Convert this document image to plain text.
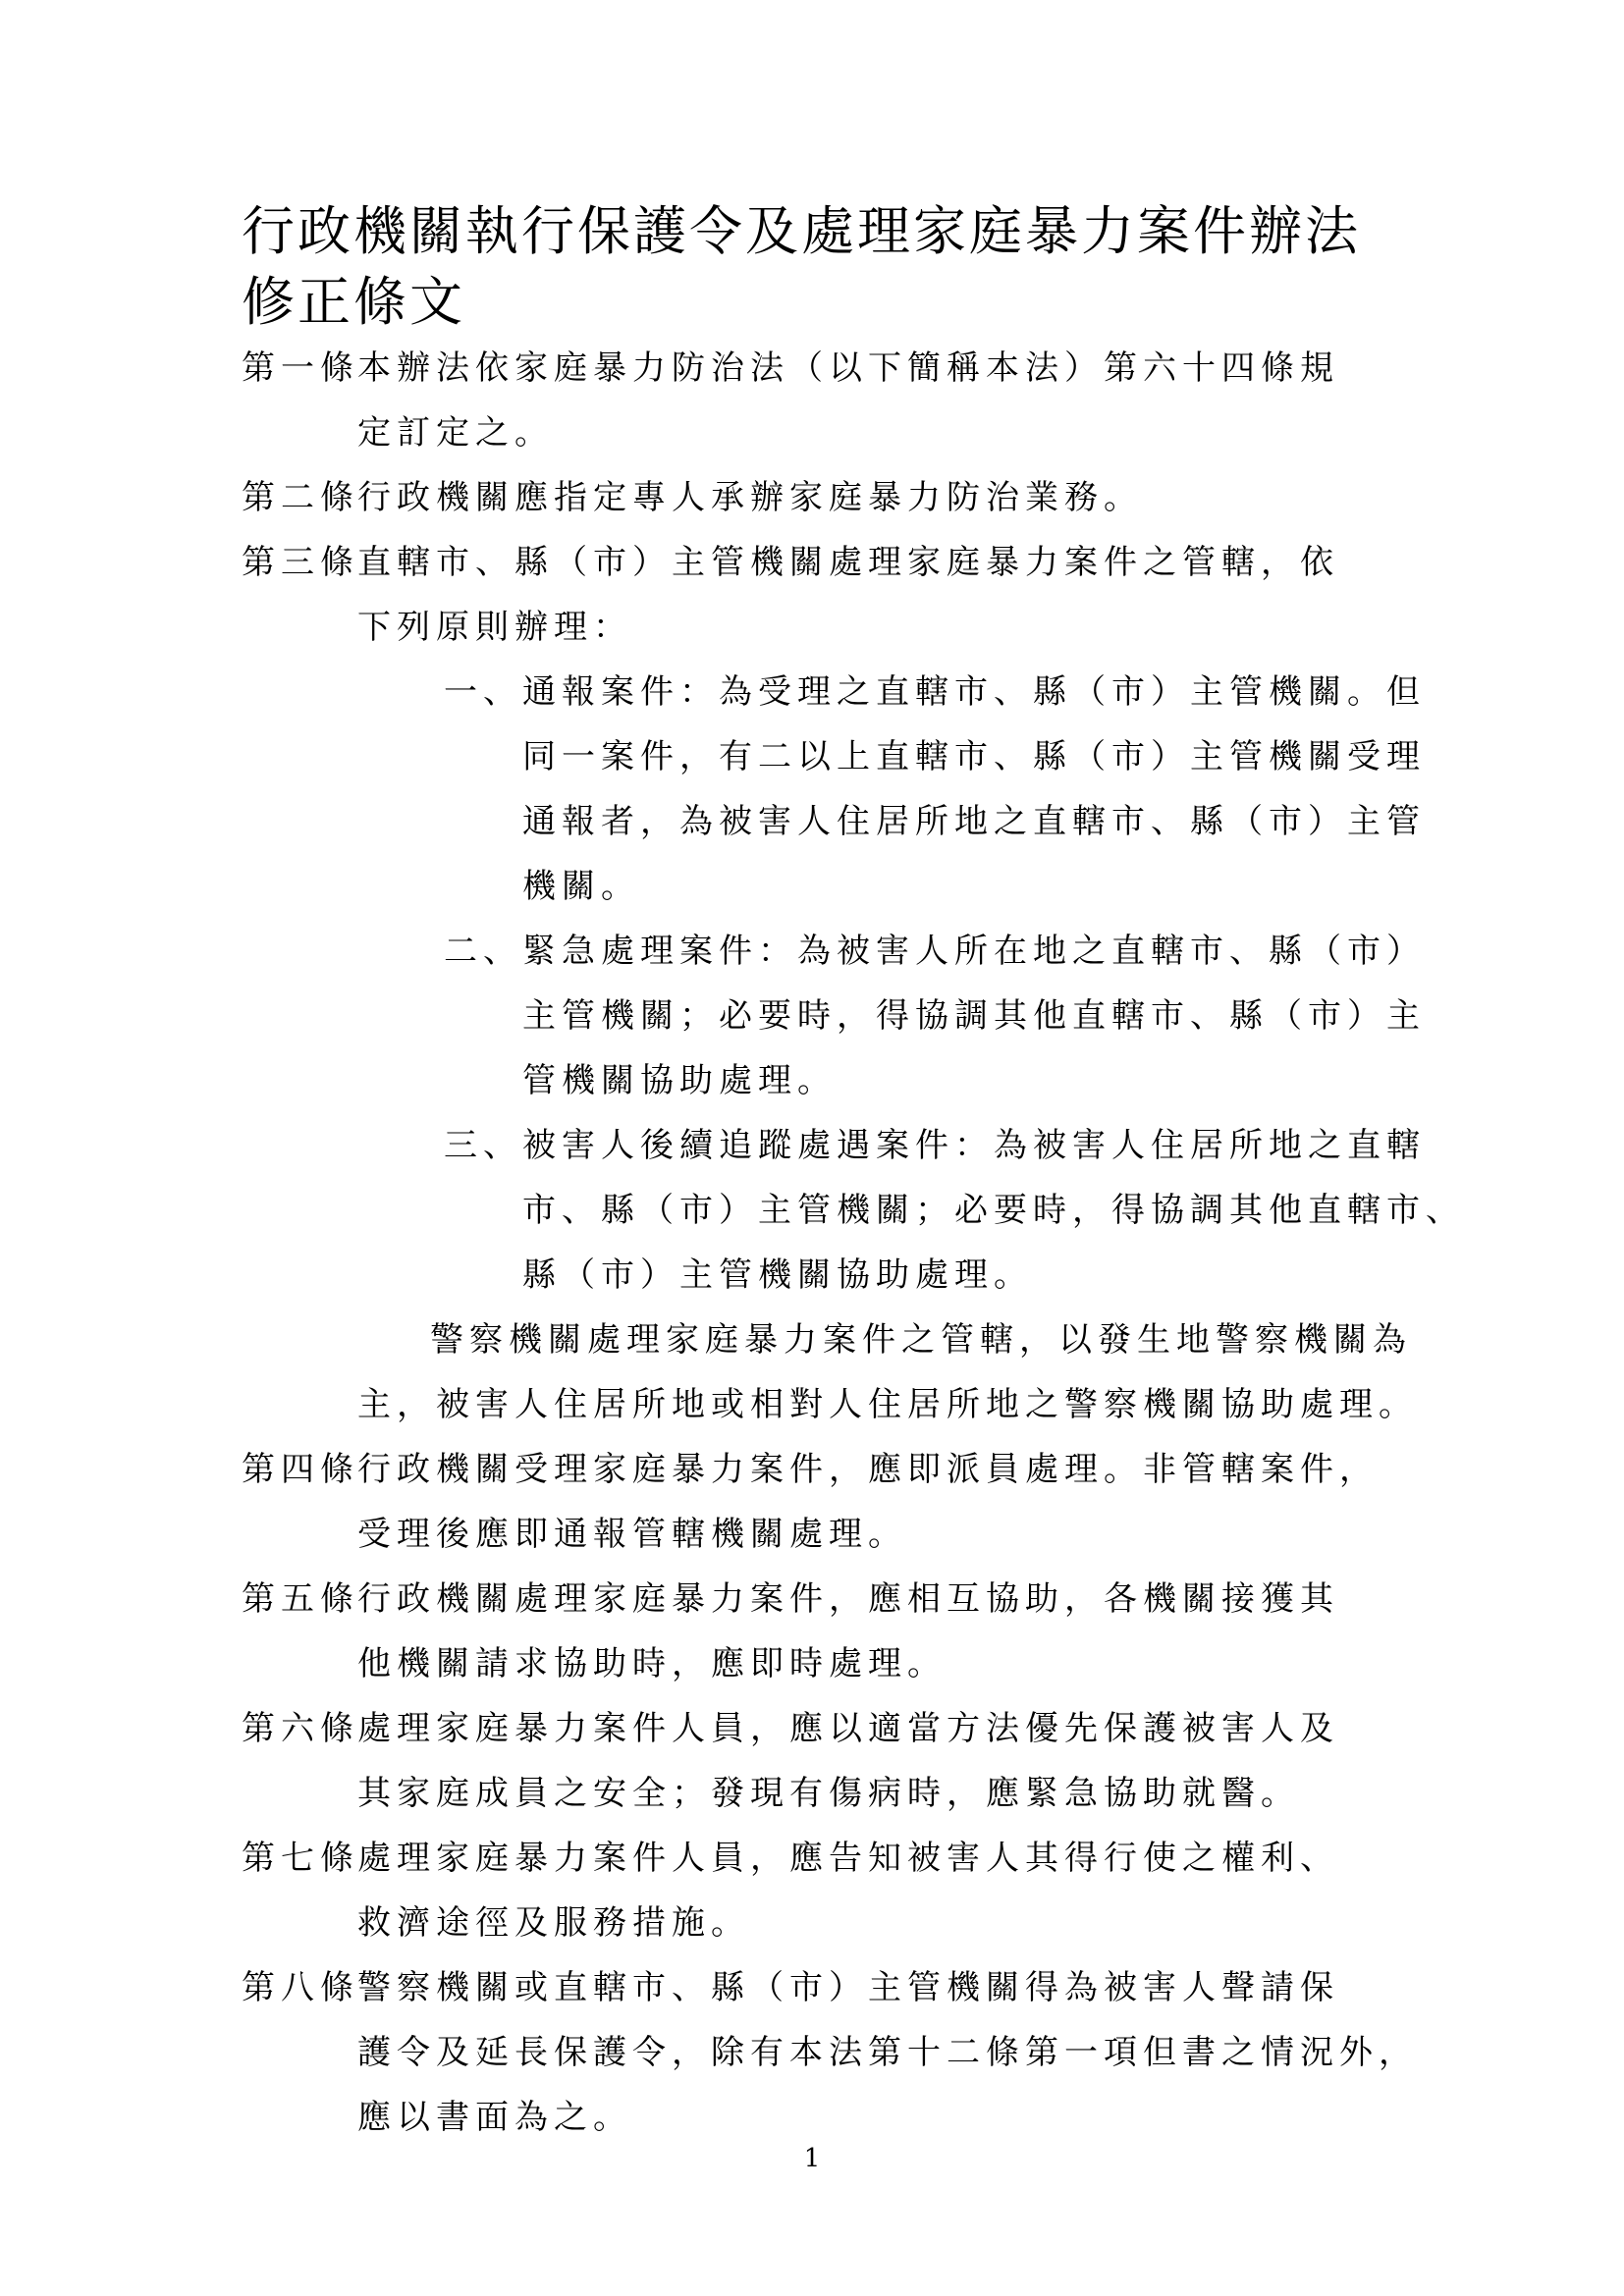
行政機關執行保護令及處理家庭暴力案件辦法
修正條文
第一條
本辦法依家庭暴力防治法（以下簡稱本法）第六十四條規
定訂定之。
第二條
行政機關應指定專人承辦家庭暴力防治業務。
第三條
直轄市、縣（市）主管機關處理家庭暴力案件之管轄，依
下列原則辦理：
一、 通報案件：為受理之直轄市、縣（市）主管機關。但
同一案件，有二以上直轄市、縣（市）主管機關受理
通報者，為被害人住居所地之直轄市、縣（市）主管
機關。
二、 緊急處理案件：為被害人所在地之直轄市、縣（市）
主管機關；必要時，得協調其他直轄市、縣（市）主
管機關協助處理。
三、 被害人後續追蹤處遇案件：為被害人住居所地之直轄
市、縣（市）主管機關；必要時，得協調其他直轄市、
縣（市）主管機關協助處理。
警察機關處理家庭暴力案件之管轄，以發生地警察機關為
主，被害人住居所地或相對人住居所地之警察機關協助處理。
第四條
行政機關受理家庭暴力案件，應即派員處理。非管轄案件，
受理後應即通報管轄機關處理。
第五條
行政機關處理家庭暴力案件，應相互協助，各機關接獲其
他機關請求協助時，應即時處理。
第六條
處理家庭暴力案件人員，應以適當方法優先保護被害人及
其家庭成員之安全；發現有傷病時，應緊急協助就醫。
第七條
處理家庭暴力案件人員，應告知被害人其得行使之權利、
救濟途徑及服務措施。
第八條
警察機關或直轄市、縣（市）主管機關得為被害人聲請保
護令及延長保護令，除有本法第十二條第一項但書之情況外，
應以書面為之。
1
